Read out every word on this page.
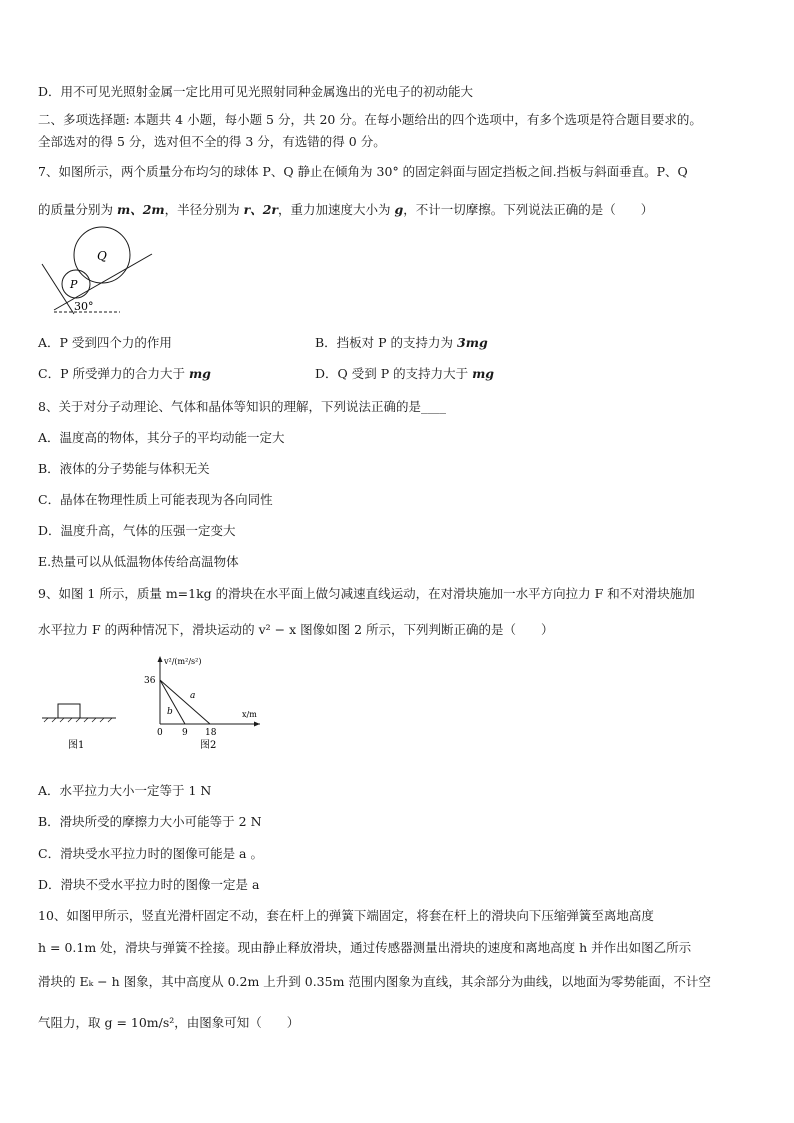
D．用不可见光照射金属一定比用可见光照射同种金属逸出的光电子的初动能大
二、多项选择题: 本题共 4 小题，每小题 5 分，共 20 分。在每小题给出的四个选项中，有多个选项是符合题目要求的。
全部选对的得 5 分，选对但不全的得 3 分，有选错的得 0 分。
7、如图所示，两个质量分布均匀的球体 P、Q 静止在倾角为 30° 的固定斜面与固定挡板之间.挡板与斜面垂直。P、Q
的质量分别为 m、2m，半径分别为 r、2r，重力加速度大小为 g，不计一切摩擦。下列说法正确的是（　　）
P
Q
30°
A．P 受到四个力的作用	B．挡板对 P 的支持力为 3mg
C．P 所受弹力的合力大于 mg	D．Q 受到 P 的支持力大于 mg
8、关于对分子动理论、气体和晶体等知识的理解，下列说法正确的是____
A．温度高的物体，其分子的平均动能一定大
B．液体的分子势能与体积无关
C．晶体在物理性质上可能表现为各向同性
D．温度升高，气体的压强一定变大
E.热量可以从低温物体传给高温物体
9、如图 1 所示，质量 m=1kg 的滑块在水平面上做匀减速直线运动，在对滑块施加一水平方向拉力 F 和不对滑块施加
水平拉力 F 的两种情况下，滑块运动的 v² − x 图像如图 2 所示，下列判断正确的是（　　）
图1
v²/(m²/s²)
x/m
36
0 9 18
a
b
图2
A．水平拉力大小一定等于 1 N
B．滑块所受的摩擦力大小可能等于 2 N
C．滑块受水平拉力时的图像可能是 a 。
D．滑块不受水平拉力时的图像一定是 a
10、如图甲所示，竖直光滑杆固定不动，套在杆上的弹簧下端固定，将套在杆上的滑块向下压缩弹簧至离地高度
h = 0.1m 处，滑块与弹簧不拴接。现由静止释放滑块，通过传感器测量出滑块的速度和离地高度 h 并作出如图乙所示
滑块的 Eₖ − h 图象，其中高度从 0.2m 上升到 0.35m 范围内图象为直线，其余部分为曲线，以地面为零势能面，不计空
气阻力，取 g = 10m/s²，由图象可知（　　）
